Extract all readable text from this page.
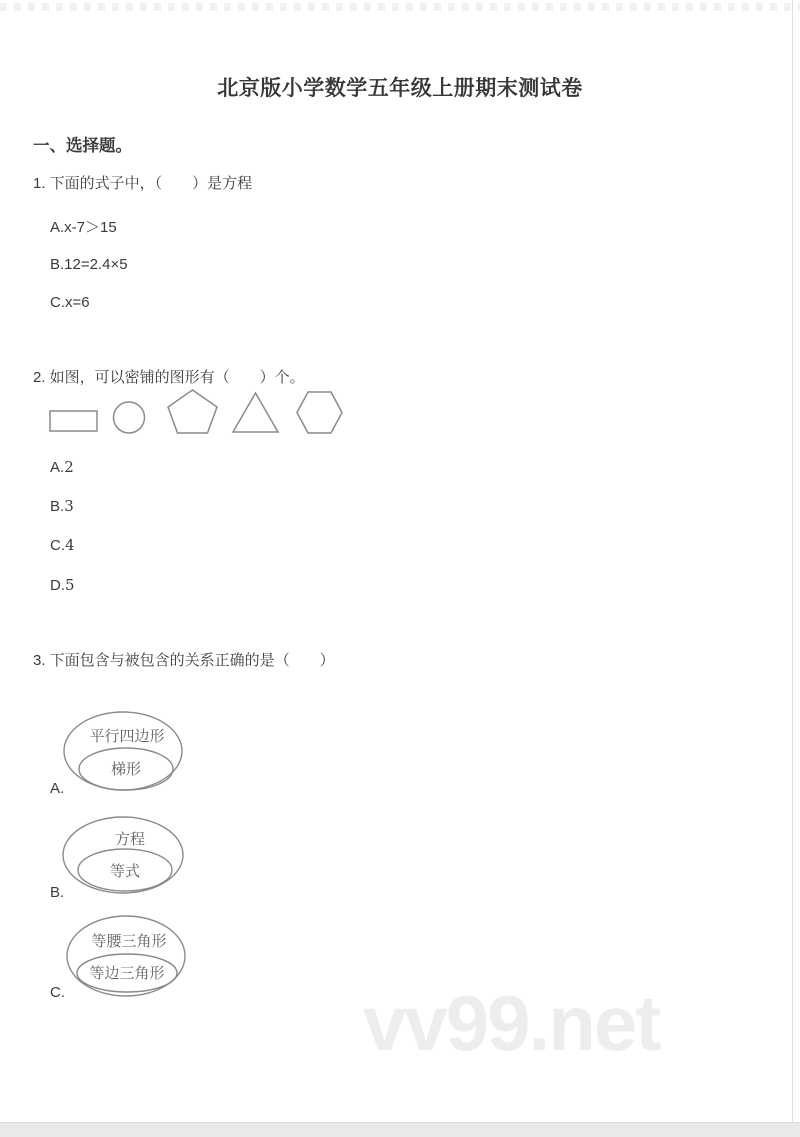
北京版小学数学五年级上册期末测试卷
一、选择题。
1. 下面的式子中，（　　）是方程
A.x-7＞15
B.12=2.4×5
C.x=6
2. 如图，可以密铺的图形有（　　）个。
A.2
B.3
C.4
D.5
3. 下面包含与被包含的关系正确的是（　　）
平行四边形
梯形
A.
方程
等式
B.
等腰三角形
等边三角形
C.	vv99.net
